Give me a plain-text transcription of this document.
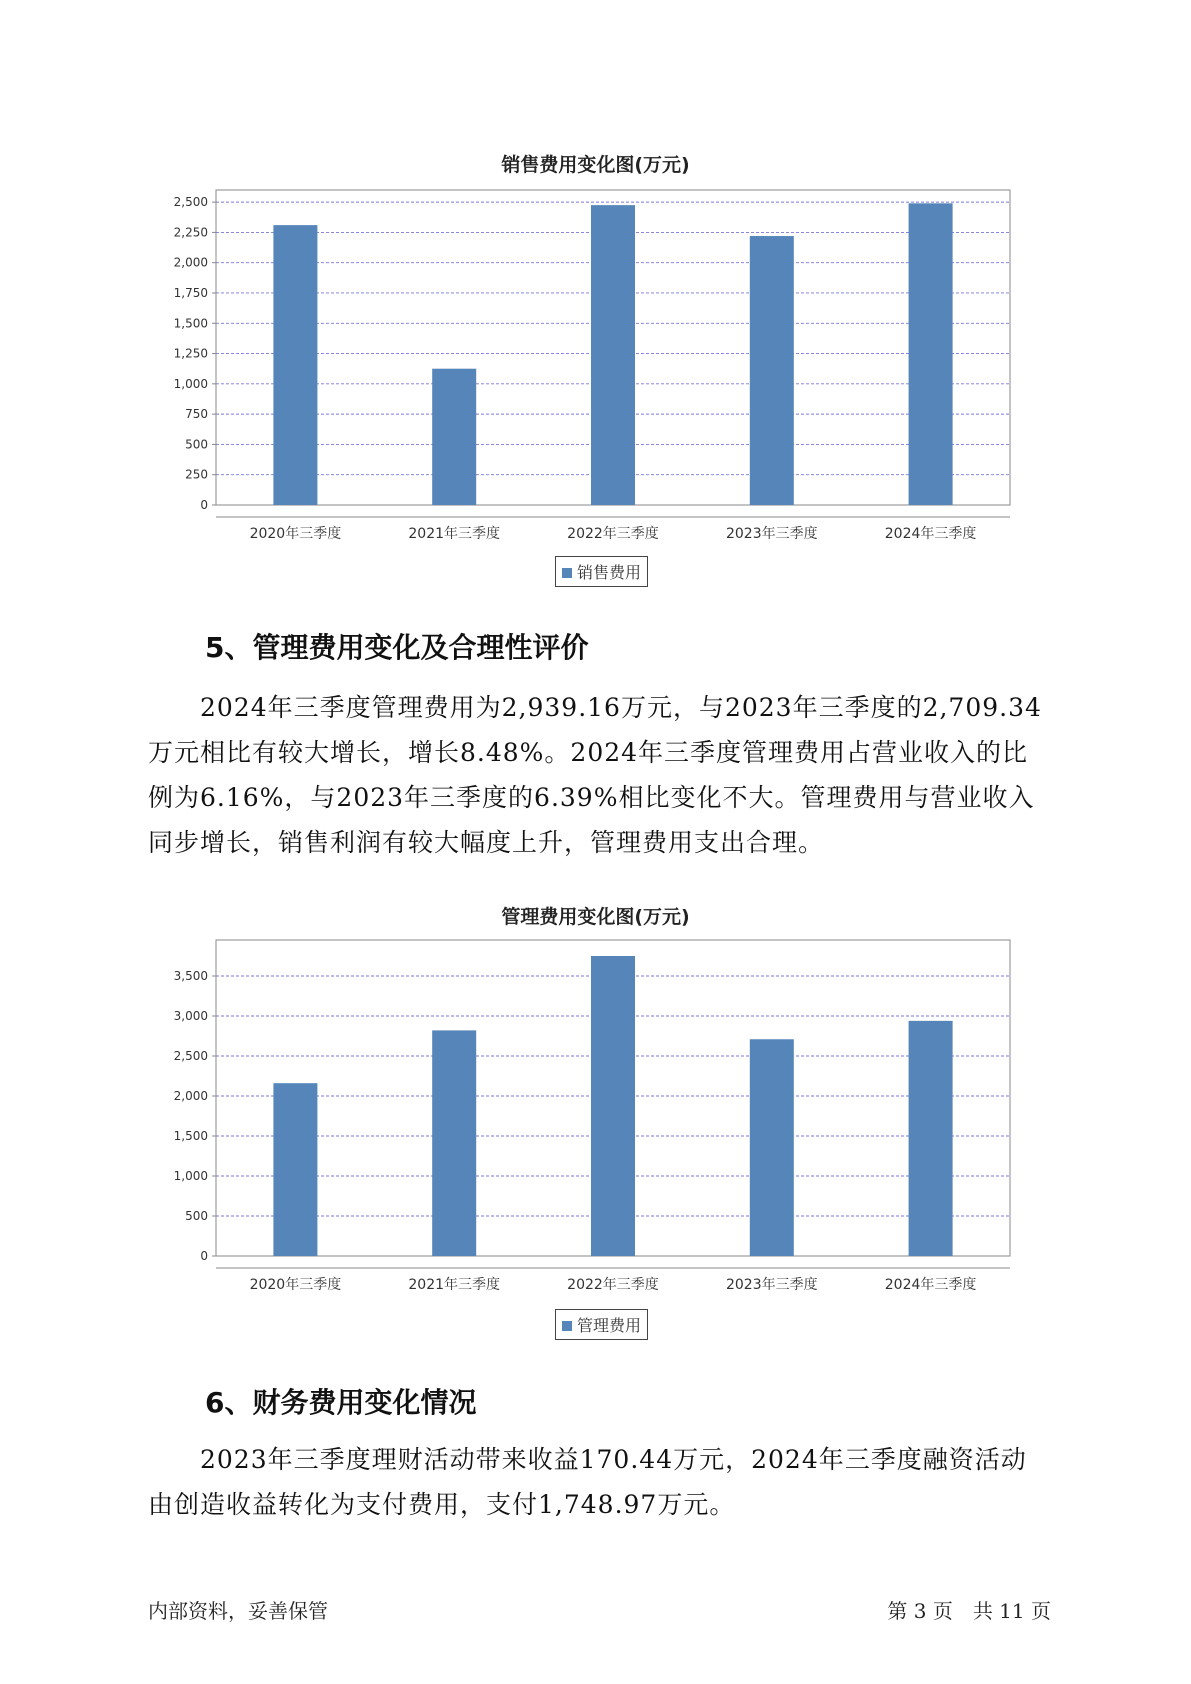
销售费用变化图(万元)
0
250
500
750
1,000
1,250
1,500
1,750
2,000
2,250
2,500
2020年三季度	2021年三季度	2022年三季度	2023年三季度	2024年三季度
销售费用
5、管理费用变化及合理性评价

2024年三季度管理费用为2,939.16万元，与2023年三季度的2,709.34万元相比有较大增长，增长8.48%。2024年三季度管理费用占营业收入的比例为6.16%，与2023年三季度的6.39%相比变化不大。管理费用与营业收入同步增长，销售利润有较大幅度上升，管理费用支出合理。

管理费用变化图(万元)
0
500
1,000
1,500
2,000
2,500
3,000
3,500
2020年三季度	2021年三季度	2022年三季度	2023年三季度	2024年三季度
管理费用
6、财务费用变化情况

2023年三季度理财活动带来收益170.44万元，2024年三季度融资活动由创造收益转化为支付费用，支付1,748.97万元。

内部资料，妥善保管	第 3 页　共 11 页
